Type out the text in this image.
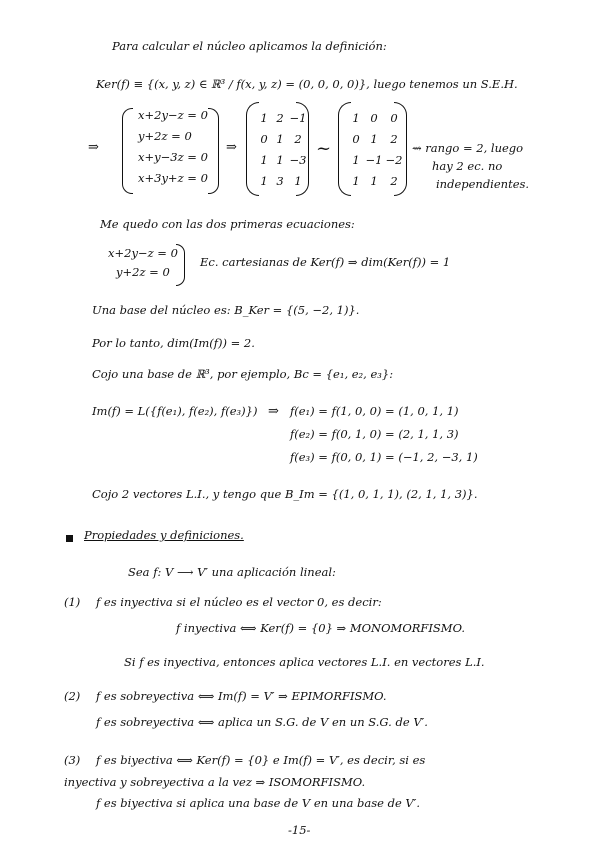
Para calcular el núcleo aplicamos la definición:
Ker(f) ≡ {(x, y, z) ∈ ℝ³ / f(x, y, z) = (0, 0, 0, 0)}, luego tenemos un S.E.H.
⇒
x+2y−z = 0
y+2z = 0
x+y−3z = 0
x+3y+z = 0
⇒
1 2 −1
0 1 2
1 1 −3
1 3 1
~
1 0	0
0 1	2
1 −1 −2
1 1	2
⇝ rango = 2, luego
hay 2 ec. no
independientes.
Me quedo con las dos primeras ecuaciones:
x+2y−z = 0
y+2z = 0
Ec. cartesianas de Ker(f) ⇒ dim(Ker(f)) = 1
Una base del núcleo es: B_Ker = {(5, −2, 1)}.
Por lo tanto, dim(Im(f)) = 2.
Cojo una base de ℝ³, por ejemplo, Bc = {e₁, e₂, e₃}:
Im(f) = L({f(e₁), f(e₂), f(e₃)}) ⇒ f(e₁) = f(1, 0, 0) = (1, 0, 1, 1)
f(e₂) = f(0, 1, 0) = (2, 1, 1, 3)
f(e₃) = f(0, 0, 1) = (−1, 2, −3, 1)
Cojo 2 vectores L.I., y tengo que B_Im = {(1, 0, 1, 1), (2, 1, 1, 3)}.
Propiedades y definiciones.
Sea f: V ⟶ V′ una aplicación lineal:
(1) f es inyectiva si el núcleo es el vector 0, es decir:
f inyectiva ⟺ Ker(f) = {0} ⇒ MONOMORFISMO.
Si f es inyectiva, entonces aplica vectores L.I. en vectores L.I.
(2) f es sobreyectiva ⟺ Im(f) = V′ ⇒ EPIMORFISMO.
f es sobreyectiva ⟺ aplica un S.G. de V en un S.G. de V′.
(3) f es biyectiva ⟺ Ker(f) = {0} e Im(f) = V′, es decir, si es
inyectiva y sobreyectiva a la vez ⇒ ISOMORFISMO.
f es biyectiva si aplica una base de V en una base de V′.
-15-
